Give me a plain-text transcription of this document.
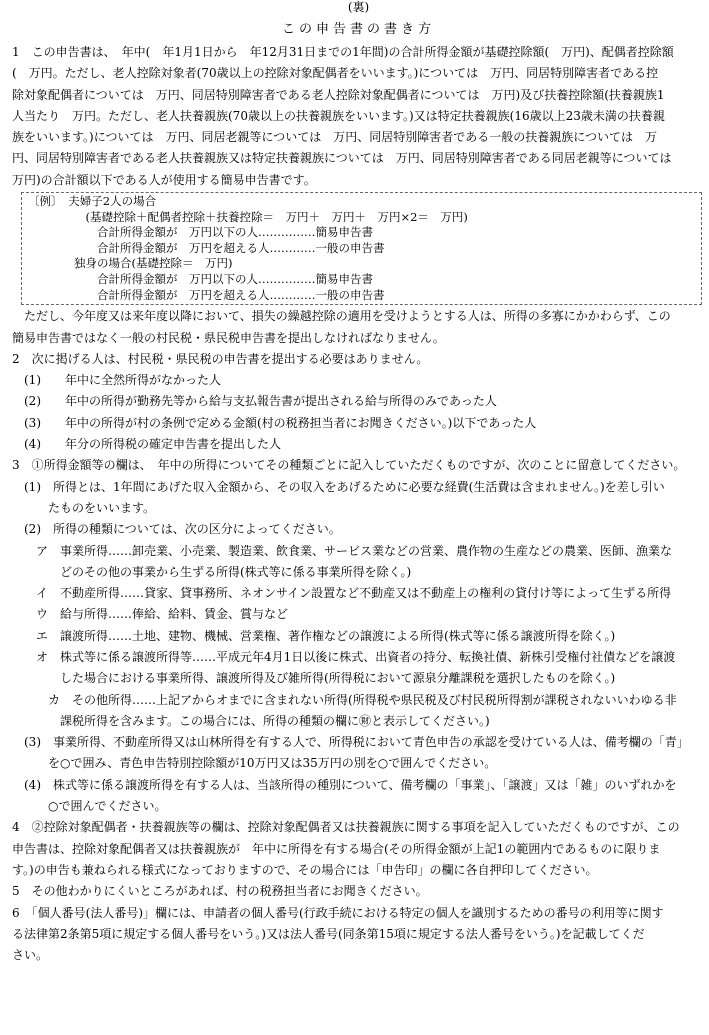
(裏)
この申告書の書き方
1　この申告書は、　年中(　年1月1日から　年12月31日までの1年間)の合計所得金額が基礎控除額(　万円)、配偶者控除額
(　万円。ただし、老人控除対象者(70歳以上の控除対象配偶者をいいます。)については　万円、同居特別障害者である控
除対象配偶者については　万円、同居特別障害者である老人控除対象配偶者については　万円)及び扶養控除額(扶養親族1
人当たり　万円。ただし、老人扶養親族(70歳以上の扶養親族をいいます。)又は特定扶養親族(16歳以上23歳未満の扶養親
族をいいます。)については　万円、同居老親等については　万円、同居特別障害者である一般の扶養親族については　万
円、同居特別障害者である老人扶養親族又は特定扶養親族については　万円、同居特別障害者である同居老親等については
万円)の合計額以下である人が使用する簡易申告書です。
〔例〕　夫婦子2人の場合
　　　　　(基礎控除＋配偶者控除＋扶養控除＝　万円＋　万円＋　万円×2＝　万円)
　　　　　　合計所得金額が　万円以下の人……………簡易申告書
　　　　　　合計所得金額が　万円を超える人…………一般の申告書
　　　　独身の場合(基礎控除＝　万円)
　　　　　　合計所得金額が　万円以下の人……………簡易申告書
　　　　　　合計所得金額が　万円を超える人…………一般の申告書
　ただし、今年度又は来年度以降において、損失の繰越控除の適用を受けようとする人は、所得の多寡にかかわらず、この
簡易申告書ではなく一般の村民税・県民税申告書を提出しなければなりません。
2　次に掲げる人は、村民税・県民税の申告書を提出する必要はありません。
　(1)　　年中に全然所得がなかった人
　(2)　　年中の所得が勤務先等から給与支払報告書が提出される給与所得のみであった人
　(3)　　年中の所得が村の条例で定める金額(村の税務担当者にお聞きください。)以下であった人
　(4)　　年分の所得税の確定申告書を提出した人
3　①所得金額等の欄は、　年中の所得についてその種類ごとに記入していただくものですが、次のことに留意してください。
　(1)　所得とは、1年間にあげた収入金額から、その収入をあげるために必要な経費(生活費は含まれません。)を差し引い
　　　たものをいいます。
　(2)　所得の種類については、次の区分によってください。
　　ア　事業所得……卸売業、小売業、製造業、飲食業、サービス業などの営業、農作物の生産などの農業、医師、漁業な
　　　　どのその他の事業から生ずる所得(株式等に係る事業所得を除く。)
　　イ　不動産所得……貸家、貸事務所、ネオンサイン設置など不動産又は不動産上の権利の貸付け等によって生ずる所得
　　ウ　給与所得……俸給、給料、賃金、賞与など
　　エ　譲渡所得……土地、建物、機械、営業権、著作権などの譲渡による所得(株式等に係る譲渡所得を除く。)
　　オ　株式等に係る譲渡所得等……平成元年4月1日以後に株式、出資者の持分、転換社債、新株引受権付社債などを譲渡
　　　　した場合における事業所得、譲渡所得及び雑所得(所得税において源泉分離課税を選択したものを除く。)
　　　カ　その他所得……上記アからオまでに含まれない所得(所得税や県民税及び村民税所得割が課税されないいわゆる非
　　　　課税所得を含みます。この場合には、所得の種類の欄に㊖と表示してください。)
　(3)　事業所得、不動産所得又は山林所得を有する人で、所得税において青色申告の承認を受けている人は、備考欄の「青」
　　　を○で囲み、青色申告特別控除額が10万円又は35万円の別を○で囲んでください。
　(4)　株式等に係る譲渡所得を有する人は、当該所得の種別について、備考欄の「事業」、「譲渡」又は「雑」のいずれかを
　　　○で囲んでください。
4　②控除対象配偶者・扶養親族等の欄は、控除対象配偶者又は扶養親族に関する事項を記入していただくものですが、この
申告書は、控除対象配偶者又は扶養親族が　年中に所得を有する場合(その所得金額が上記1の範囲内であるものに限りま
す。)の申告も兼ねられる様式になっておりますので、その場合には「申告印」の欄に各自押印してください。
5　その他わかりにくいところがあれば、村の税務担当者にお聞きください。
6　「個人番号(法人番号)」欄には、申請者の個人番号(行政手続における特定の個人を識別するための番号の利用等に関す
る法律第2条第5項に規定する個人番号をいう。)又は法人番号(同条第15項に規定する法人番号をいう。)を記載してくだ
さい。
